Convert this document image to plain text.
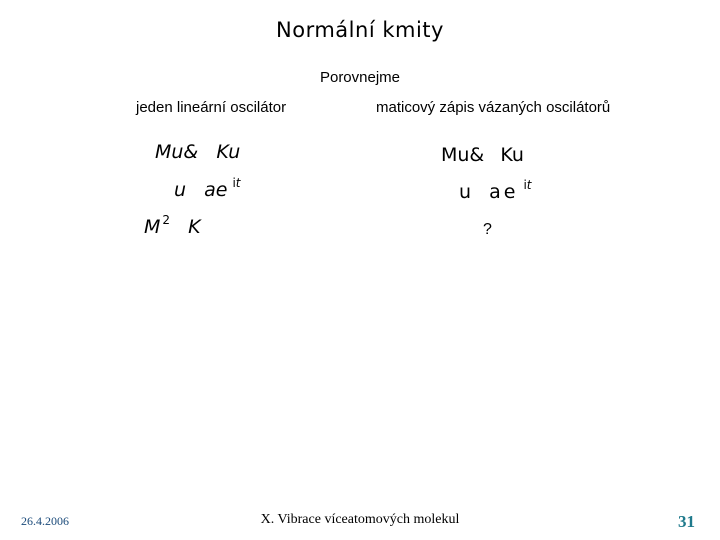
Normální kmity
Porovnejme
jeden lineární oscilátor	maticový zápis vázaných oscilátorů
Mu& Ku
u ae $^{it}$
M $^2$ K
Mu& Ku
u ae $^{it}$
?
26.4.2006	X. Vibrace víceatomových molekul	31
